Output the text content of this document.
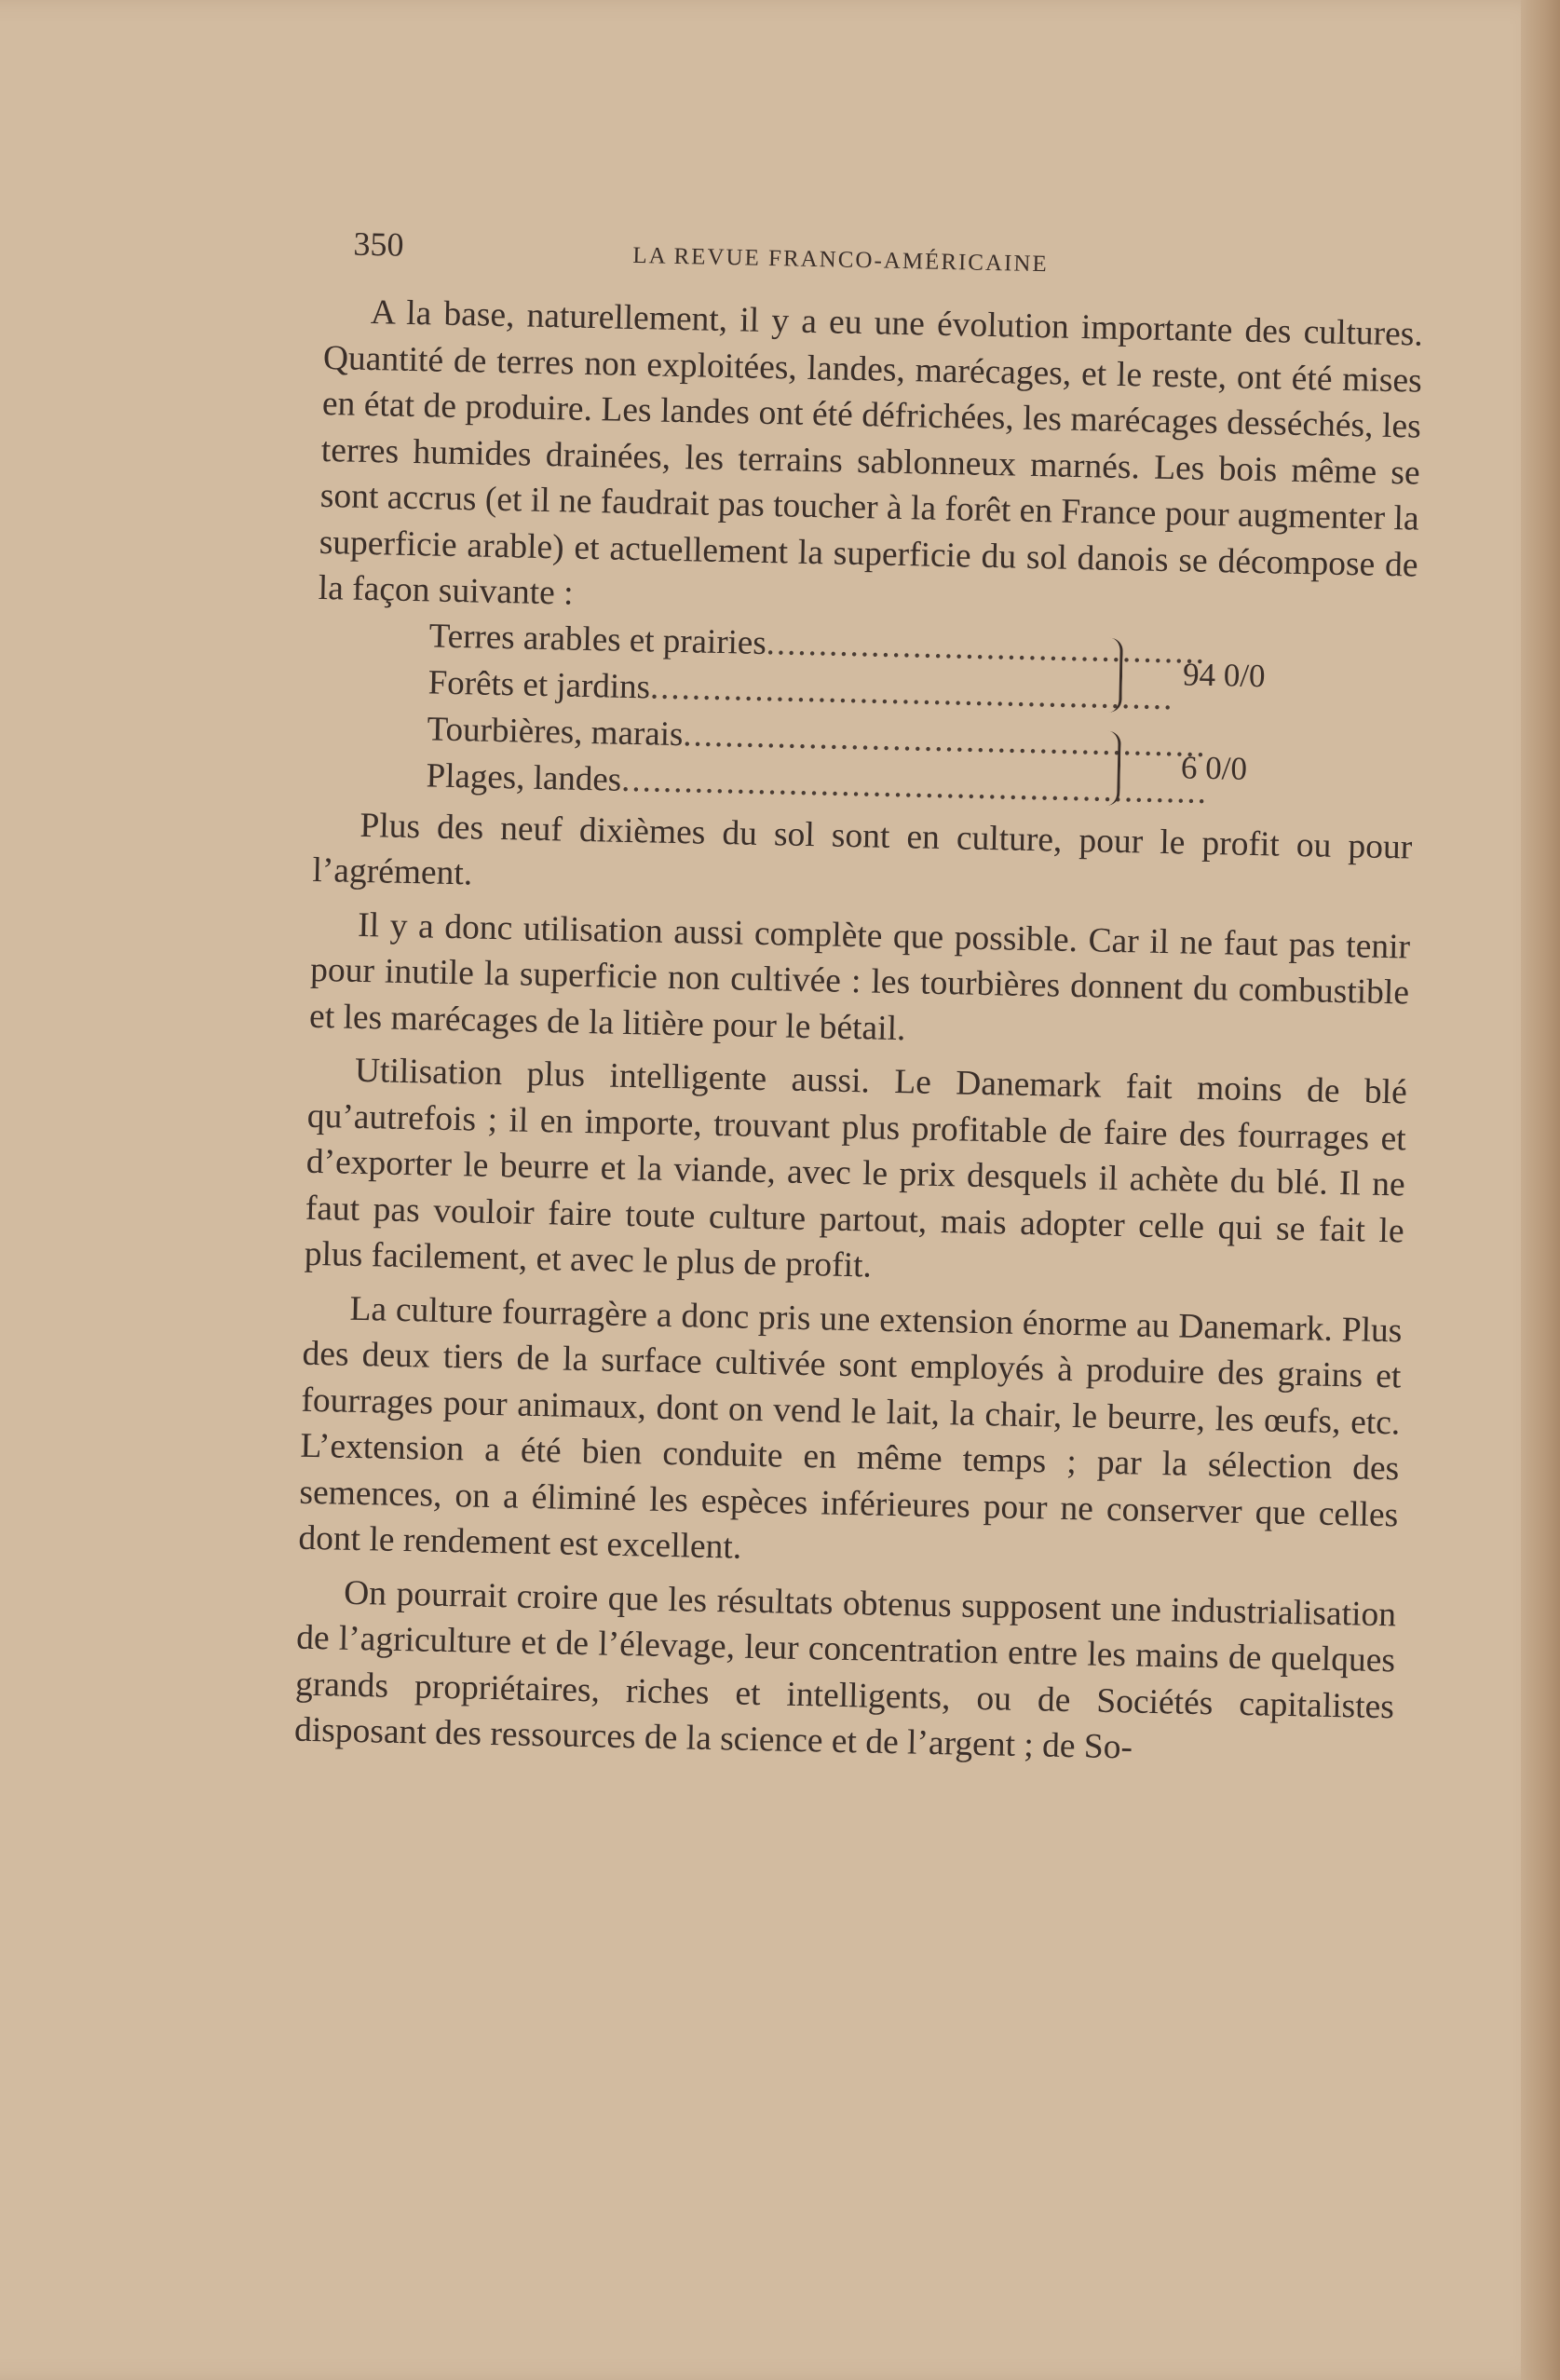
350	LA REVUE FRANCO-AMÉRICAINE

A la base, naturellement, il y a eu une évolution importante des cultures. Quantité de terres non exploitées, landes, marécages, et le reste, ont été mises en état de produire. Les landes ont été défrichées, les marécages desséchés, les terres humides drainées, les terrains sablonneux marnés. Les bois même se sont accrus (et il ne faudrait pas toucher à la forêt en France pour augmenter la superficie arable) et actuellement la superficie du sol danois se décompose de la façon suivante :

Terres arables et prairies..........................................
Forêts et jardins.................................................. 94 0/0
Tourbières, marais..................................................
Plages, landes........................................................
6 0/0

Plus des neuf dixièmes du sol sont en culture, pour le profit ou pour l’agrément.

Il y a donc utilisation aussi complète que possible. Car il ne faut pas tenir pour inutile la superficie non cultivée : les tourbières donnent du combustible et les marécages de la litière pour le bétail.

Utilisation plus intelligente aussi. Le Danemark fait moins de blé qu’autrefois ; il en importe, trouvant plus profitable de faire des fourrages et d’exporter le beurre et la viande, avec le prix desquels il achète du blé. Il ne faut pas vouloir faire toute culture partout, mais adopter celle qui se fait le plus facilement, et avec le plus de profit.

La culture fourragère a donc pris une extension énorme au Danemark. Plus des deux tiers de la surface cultivée sont employés à produire des grains et fourrages pour animaux, dont on vend le lait, la chair, le beurre, les œufs, etc. L’extension a été bien conduite en même temps ; par la sélection des semences, on a éliminé les espèces inférieures pour ne conserver que celles dont le rendement est excellent.

On pourrait croire que les résultats obtenus supposent une industrialisation de l’agriculture et de l’élevage, leur concentration entre les mains de quelques grands propriétaires, riches et intelligents, ou de Sociétés capitalistes disposant des ressources de la science et de l’argent ; de So-
